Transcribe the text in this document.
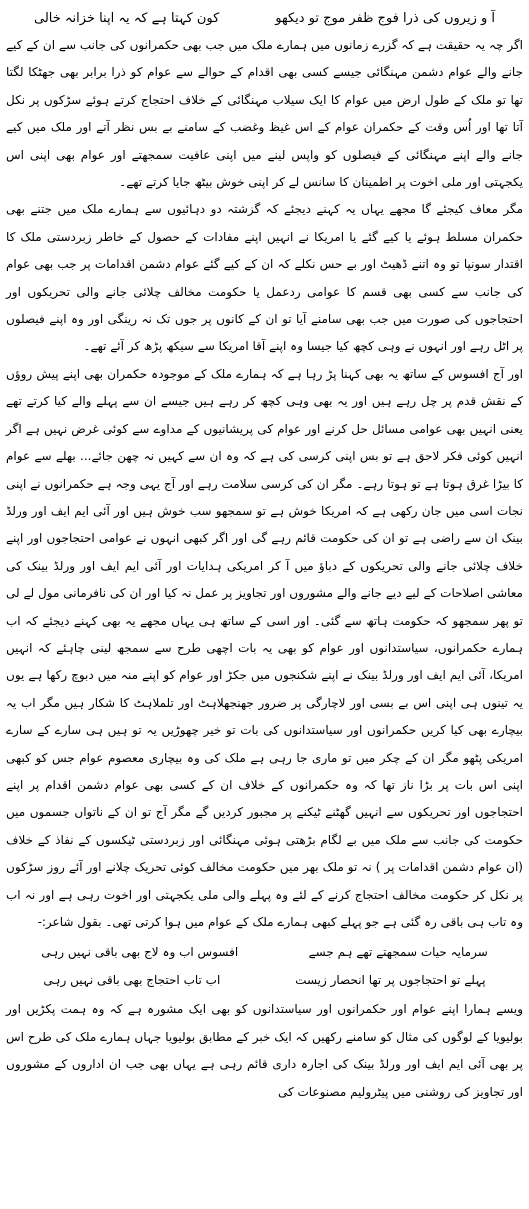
آ و زیروں کی ذرا فوج ظفر موج تو دیکھو
کون کہتا ہے کہ یہ اپنا خزانہ خالی

اگر چہ یہ حقیقت ہے کہ گزرے زمانوں میں ہمارے ملک میں جب بھی حکمرانوں کی جانب سے ان کے کیے جانے والے عوام دشمن مہنگائی جیسے کسی بھی اقدام کے حوالے سے عوام کو ذرا برابر بھی جھٹکا لگتا تھا تو ملک کے طول ارض میں عوام کا ایک سیلاب مہنگائی کے خلاف احتجاج کرتے ہوئے سڑکوں پر نکل آتا تھا اور اُس وقت کے حکمران عوام کے اس غیظ وغضب کے سامنے بے بس نظر آتے اور ملک میں کیے جانے والے اپنے مہنگائی کے فیصلوں کو واپس لینے میں اپنی عافیت سمجھتے اور عوام بھی اپنی اس یکجہتی اور ملی اخوت پر اطمینان کا سانس لے کر اپنی خوش بیٹھ جایا کرتے تھے۔

مگر معاف کیجئے گا مجھے یہاں یہ کہنے دیجئے کہ گزشتہ دو دہائیوں سے ہمارے ملک میں جتنے بھی حکمران مسلط ہوئے یا کیے گئے یا امریکا نے انہیں اپنے مفادات کے حصول کے خاطر زبردستی ملک کا اقتدار سونپا تو وہ اتنے ڈھیٹ اور بے حس نکلے کہ ان کے کیے گئے عوام دشمن اقدامات پر جب بھی عوام کی جانب سے کسی بھی قسم کا عوامی ردعمل یا حکومت مخالف چلائی جانے والی تحریکوں اور احتجاجوں کی صورت میں جب بھی سامنے آیا تو ان کے کانوں پر جوں تک نہ رینگی اور وہ اپنے فیصلوں پر اٹل رہے اور انہوں نے وہی کچھ کیا جیسا وہ اپنے آقا امریکا سے سیکھ پڑھ کر آئے تھے۔

اور آج افسوس کے ساتھ یہ بھی کہنا پڑ رہا ہے کہ ہمارے ملک کے موجودہ حکمران بھی اپنے پیش روؤں کے نقش قدم پر چل رہے ہیں اور یہ بھی وہی کچھ کر رہے ہیں جیسے ان سے پہلے والے کیا کرتے تھے یعنی انہیں بھی عوامی مسائل حل کرنے اور عوام کی پریشانیوں کے مداوے سے کوئی غرض نہیں ہے اگر انہیں کوئی فکر لاحق ہے تو بس اپنی کرسی کی ہے کہ وہ ان سے کہیں نہ چھن جائے... بھلے سے عوام کا بیڑا غرق ہوتا ہے تو ہوتا رہے۔ مگر ان کی کرسی سلامت رہے اور آج یہی وجہ ہے حکمرانوں نے اپنی نجات اسی میں جان رکھی ہے کہ امریکا خوش ہے تو سمجھو سب خوش ہیں اور آئی ایم ایف اور ورلڈ بینک ان سے راضی ہے تو ان کی حکومت قائم رہے گی اور اگر کبھی انہوں نے عوامی احتجاجوں اور اپنے خلاف چلائی جانے والی تحریکوں کے دباؤ میں آ کر امریکی ہدایات اور آئی ایم ایف اور ورلڈ بینک کی معاشی اصلاحات کے لیے دیے جانے والے مشوروں اور تجاویز پر عمل نہ کیا اور ان کی نافرمانی مول لے لی تو پھر سمجھو کہ حکومت ہاتھ سے گئی۔ اور اسی کے ساتھ ہی یہاں مجھے یہ بھی کہنے دیجئے کہ اب ہمارے حکمرانوں، سیاستدانوں اور عوام کو بھی یہ بات اچھی طرح سے سمجھ لینی چاہئے کہ انہیں امریکا، آئی ایم ایف اور ورلڈ بینک نے اپنے شکنجوں میں جکڑ اور عوام کو اپنے منہ میں دبوچ رکھا ہے یوں یہ تینوں ہی اپنی اس بے بسی اور لاچارگی پر ضرور جھنجھلاہٹ اور تلملاہٹ کا شکار ہیں مگر اب یہ بیچارے بھی کیا کریں حکمرانوں اور سیاستدانوں کی بات تو خیر چھوڑیں یہ تو ہیں ہی سارے کے سارے امریکی پٹھو مگر ان کے چکر میں تو ماری جا رہی ہے ملک کی وہ بیچاری معصوم عوام جس کو کبھی اپنی اس بات پر بڑا ناز تھا کہ وہ حکمرانوں کے خلاف ان کے کسی بھی عوام دشمن اقدام پر اپنے احتجاجوں اور تحریکوں سے انہیں گھٹنے ٹیکنے پر مجبور کردیں گے مگر آج تو ان کے ناتواں جسموں میں حکومت کی جانب سے ملک میں بے لگام بڑھتی ہوئی مہنگائی اور زبردستی ٹیکسوں کے نفاذ کے خلاف (ان عوام دشمن اقدامات پر ) نہ تو ملک بھر میں حکومت مخالف کوئی تحریک چلانے اور آئے روز سڑکوں پر نکل کر حکومت مخالف احتجاج کرنے کے لئے وہ پہلے والی ملی یکجہتی اور اخوت رہی ہے اور نہ اب وہ تاب ہی باقی رہ گئی ہے جو پہلے کبھی ہمارے ملک کے عوام میں ہوا کرتی تھی۔ بقول شاعر:-

سرمایہ حیات سمجھتے تھے ہم جسے
افسوس اب وہ لاج بھی باقی نہیں رہی
پہلے تو احتجاجوں پر تھا انحصار زیست
اب تاب احتجاج بھی باقی نہیں رہی

ویسے ہمارا اپنے عوام اور حکمرانوں اور سیاستدانوں کو بھی ایک مشورہ ہے کہ وہ ہمت پکڑیں اور بولیویا کے لوگوں کی مثال کو سامنے رکھیں کہ ایک خبر کے مطابق بولیویا جہاں ہمارے ملک کی طرح اس پر بھی آئی ایم ایف اور ورلڈ بینک کی اجارہ داری قائم رہی ہے یہاں بھی جب ان اداروں کے مشوروں اور تجاویز کی روشنی میں پیٹرولیم مصنوعات کی
